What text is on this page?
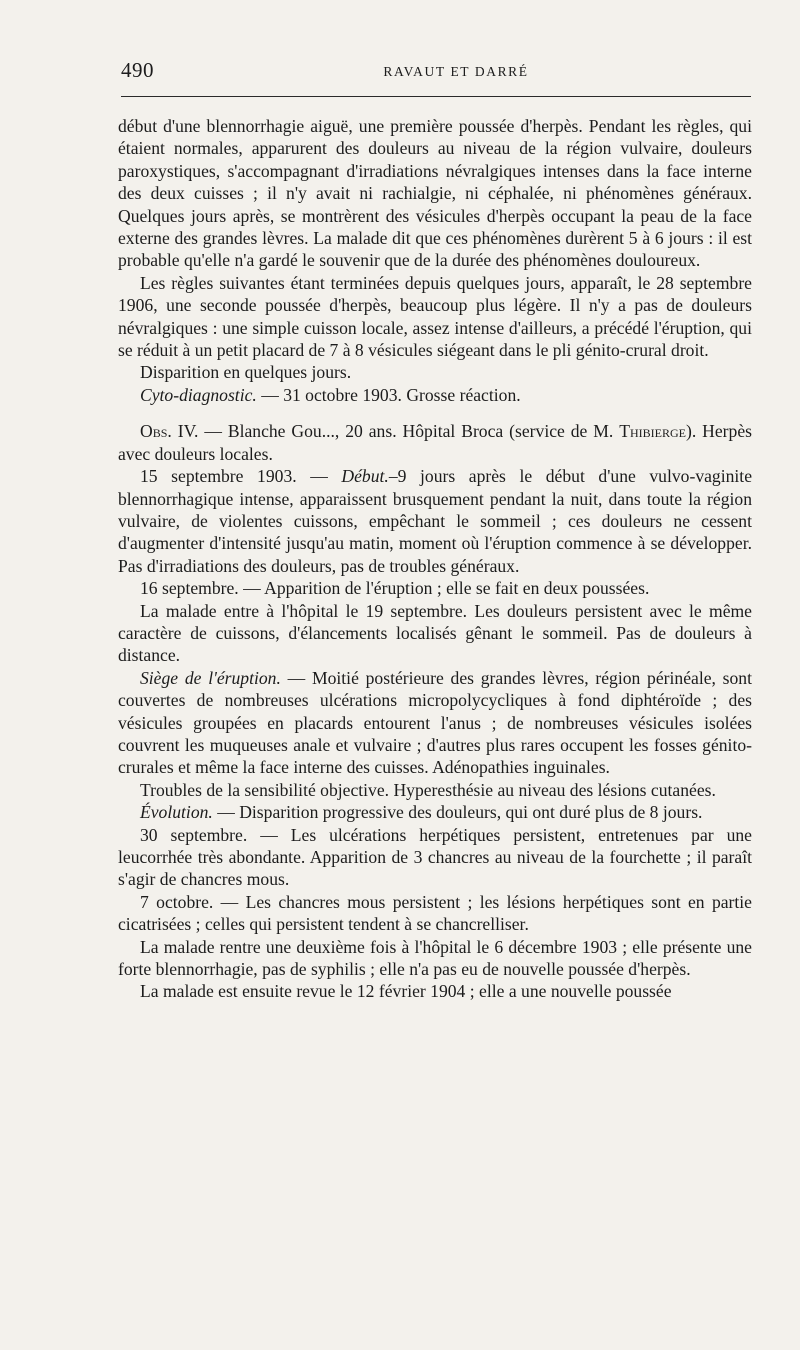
490	RAVAUT ET DARRÉ

début d'une blennorrhagie aiguë, une première poussée d'herpès. Pendant les règles, qui étaient normales, apparurent des douleurs au niveau de la région vulvaire, douleurs paroxystiques, s'accompagnant d'irradiations névralgiques intenses dans la face interne des deux cuisses ; il n'y avait ni rachialgie, ni céphalée, ni phénomènes généraux. Quelques jours après, se montrèrent des vésicules d'herpès occupant la peau de la face externe des grandes lèvres. La malade dit que ces phénomènes durèrent 5 à 6 jours : il est probable qu'elle n'a gardé le souvenir que de la durée des phénomènes douloureux.

Les règles suivantes étant terminées depuis quelques jours, apparaît, le 28 septembre 1906, une seconde poussée d'herpès, beaucoup plus légère. Il n'y a pas de douleurs névralgiques : une simple cuisson locale, assez intense d'ailleurs, a précédé l'éruption, qui se réduit à un petit placard de 7 à 8 vésicules siégeant dans le pli génito-crural droit.

Disparition en quelques jours.

Cyto-diagnostic. — 31 octobre 1903. Grosse réaction.

Obs. IV. — Blanche Gou..., 20 ans. Hôpital Broca (service de M. Thibierge). Herpès avec douleurs locales.

15 septembre 1903. — Début.–9 jours après le début d'une vulvo-vaginite blennorrhagique intense, apparaissent brusquement pendant la nuit, dans toute la région vulvaire, de violentes cuissons, empêchant le sommeil ; ces douleurs ne cessent d'augmenter d'intensité jusqu'au matin, moment où l'éruption commence à se développer. Pas d'irradiations des douleurs, pas de troubles généraux.

16 septembre. — Apparition de l'éruption ; elle se fait en deux poussées.

La malade entre à l'hôpital le 19 septembre. Les douleurs persistent avec le même caractère de cuissons, d'élancements localisés gênant le sommeil. Pas de douleurs à distance.

Siège de l'éruption. — Moitié postérieure des grandes lèvres, région périnéale, sont couvertes de nombreuses ulcérations micropolycycliques à fond diphtéroïde ; des vésicules groupées en placards entourent l'anus ; de nombreuses vésicules isolées couvrent les muqueuses anale et vulvaire ; d'autres plus rares occupent les fosses génito-crurales et même la face interne des cuisses. Adénopathies inguinales.

Troubles de la sensibilité objective. Hyperesthésie au niveau des lésions cutanées.

Évolution. — Disparition progressive des douleurs, qui ont duré plus de 8 jours.

30 septembre. — Les ulcérations herpétiques persistent, entretenues par une leucorrhée très abondante. Apparition de 3 chancres au niveau de la fourchette ; il paraît s'agir de chancres mous.

7 octobre. — Les chancres mous persistent ; les lésions herpétiques sont en partie cicatrisées ; celles qui persistent tendent à se chancrelliser.

La malade rentre une deuxième fois à l'hôpital le 6 décembre 1903 ; elle présente une forte blennorrhagie, pas de syphilis ; elle n'a pas eu de nouvelle poussée d'herpès.

La malade est ensuite revue le 12 février 1904 ; elle a une nouvelle poussée
